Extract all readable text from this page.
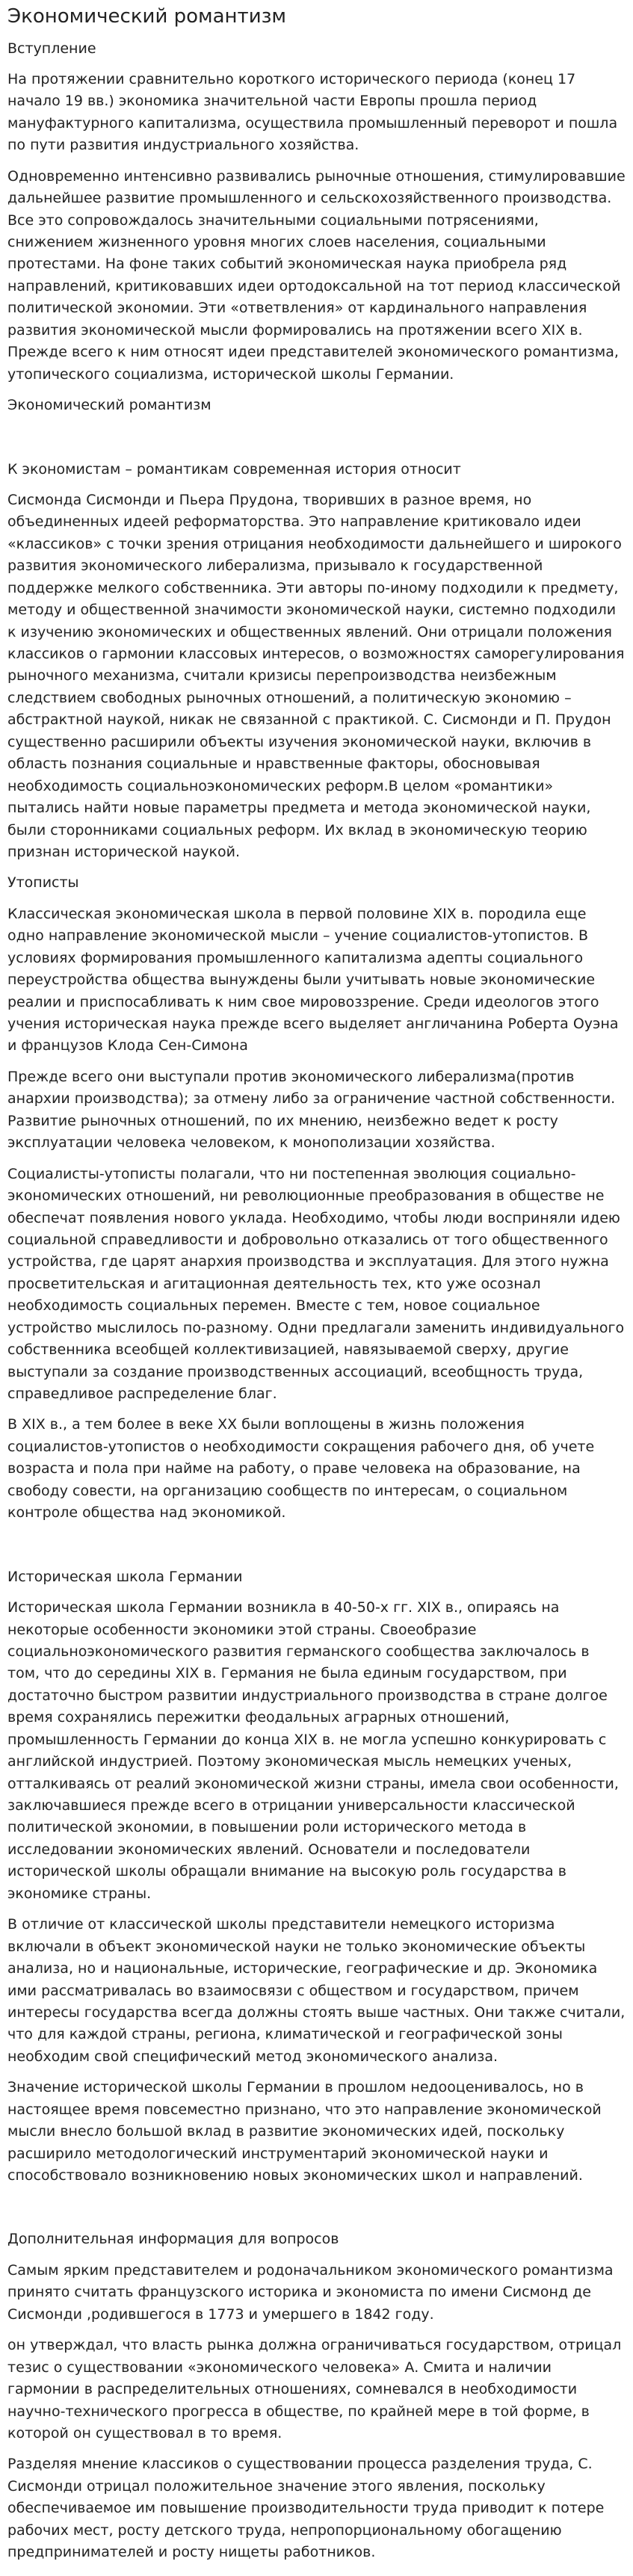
Экономический романтизм
Вступление

На протяжении сравнительно короткого исторического периода (конец 17 начало 19 вв.) экономика значительной части Европы прошла период мануфактурного капитализма, осуществила промышленный переворот и пошла по пути развития индустриального хозяйства.

Одновременно интенсивно развивались рыночные отношения, стимулировавшие дальнейшее развитие промышленного и сельскохозяйственного производства. Все это сопровождалось значительными социальными потрясениями, снижением жизненного уровня многих слоев населения, социальными протестами. На фоне таких событий экономическая наука приобрела ряд направлений, критиковавших идеи ортодоксальной на тот период классической политической экономии. Эти «ответвления» от кардинального направления развития экономической мысли формировались на протяжении всего XIX в. Прежде всего к ним относят идеи представителей экономического романтизма, утопического социализма, исторической школы Германии.

Экономический романтизм
К экономистам – романтикам современная история относит

Сисмонда Сисмонди и Пьера Прудона, творивших в разное время, но объединенных идеей реформаторства. Это направление критиковало идеи «классиков» с точки зрения отрицания необходимости дальнейшего и широкого развития экономического либерализма, призывало к государственной поддержке мелкого собственника. Эти авторы по-иному подходили к предмету, методу и общественной значимости экономической науки, системно подходили к изучению экономических и общественных явлений. Они отрицали положения классиков о гармонии классовых интересов, о возможностях саморегулирования рыночного механизма, считали кризисы перепроизводства неизбежным следствием свободных рыночных отношений, а политическую экономию – абстрактной наукой, никак не связанной с практикой. С. Сисмонди и П. Прудон существенно расширили объекты изучения экономической науки, включив в область познания социальные и нравственные факторы, обосновывая необходимость социальноэкономических реформ.В целом «романтики» пытались найти новые параметры предмета и метода экономической науки, были сторонниками социальных реформ. Их вклад в экономическую теорию признан исторической наукой.

Утописты

Классическая экономическая школа в первой половине XIX в. породила еще одно направление экономической мысли – учение социалистов-утопистов. В условиях формирования промышленного капитализма адепты социального переустройства общества вынуждены были учитывать новые экономические реалии и приспосабливать к ним свое мировоззрение. Среди идеологов этого учения историческая наука прежде всего выделяет англичанина Роберта Оуэна и французов Клода Сен-Симона

Прежде всего они выступали против экономического либерализма(против анархии производства); за отмену либо за ограничение частной собственности. Развитие рыночных отношений, по их мнению, неизбежно ведет к росту эксплуатации человека человеком, к монополизации хозяйства.

Социалисты-утописты полагали, что ни постепенная эволюция социально-экономических отношений, ни революционные преобразования в обществе не обеспечат появления нового уклада. Необходимо, чтобы люди восприняли идею социальной справедливости и добровольно отказались от того общественного устройства, где царят анархия производства и эксплуатация. Для этого нужна просветительская и агитационная деятельность тех, кто уже осознал необходимость социальных перемен. Вместе с тем, новое социальное устройство мыслилось по-разному. Одни предлагали заменить индивидуального собственника всеобщей коллективизацией, навязываемой сверху, другие выступали за создание производственных ассоциаций, всеобщность труда, справедливое распределение благ.

В XIX в., а тем более в веке XX были воплощены в жизнь положения социалистов-утопистов о необходимости сокращения рабочего дня, об учете возраста и пола при найме на работу, о праве человека на образование, на свободу совести, на организацию сообществ по интересам, о социальном контроле общества над экономикой.

Историческая школа Германии

Историческая школа Германии возникла в 40-50-х гг. XIX в., опираясь на некоторые особенности экономики этой страны. Своеобразие социальноэкономического развития германского сообщества заключалось в том, что до середины XIX в. Германия не была единым государством, при достаточно быстром развитии индустриального производства в стране долгое время сохранялись пережитки феодальных аграрных отношений, промышленность Германии до конца XIX в. не могла успешно конкурировать с английской индустрией. Поэтому экономическая мысль немецких ученых, отталкиваясь от реалий экономической жизни страны, имела свои особенности, заключавшиеся прежде всего в отрицании универсальности классической политической экономии, в повышении роли исторического метода в исследовании экономических явлений. Основатели и последователи исторической школы обращали внимание на высокую роль государства в экономике страны.

В отличие от классической школы представители немецкого историзма включали в объект экономической науки не только экономические объекты анализа, но и национальные, исторические, географические и др. Экономика ими рассматривалась во взаимосвязи с обществом и государством, причем интересы государства всегда должны стоять выше частных. Они также считали, что для каждой страны, региона, климатической и географической зоны необходим свой специфический метод экономического анализа.

Значение исторической школы Германии в прошлом недооценивалось, но в настоящее время повсеместно признано, что это направление экономической мысли внесло большой вклад в развитие экономических идей, поскольку расширило методологический инструментарий экономической науки и способствовало возникновению новых экономических школ и направлений.

Дополнительная информация для вопросов

Самым ярким представителем и родоначальником экономического романтизма принято считать французского историка и экономиста по имени Сисмонд де Сисмонди ,родившегося в 1773 и умершего в 1842 году.

он утверждал, что власть рынка должна ограничиваться государством, отрицал тезис о существовании «экономического человека» А. Смита и наличии гармонии в распределительных отношениях, сомневался в необходимости научно-технического прогресса в обществе, по крайней мере в той форме, в которой он существовал в то время.

Разделяя мнение классиков о существовании процесса разделения труда, С. Сисмонди отрицал положительное значение этого явления, поскольку обеспечиваемое им повышение производительности труда приводит к потере рабочих мест, росту детского труда, непропорциональному обогащению предпринимателей и росту нищеты работников.
